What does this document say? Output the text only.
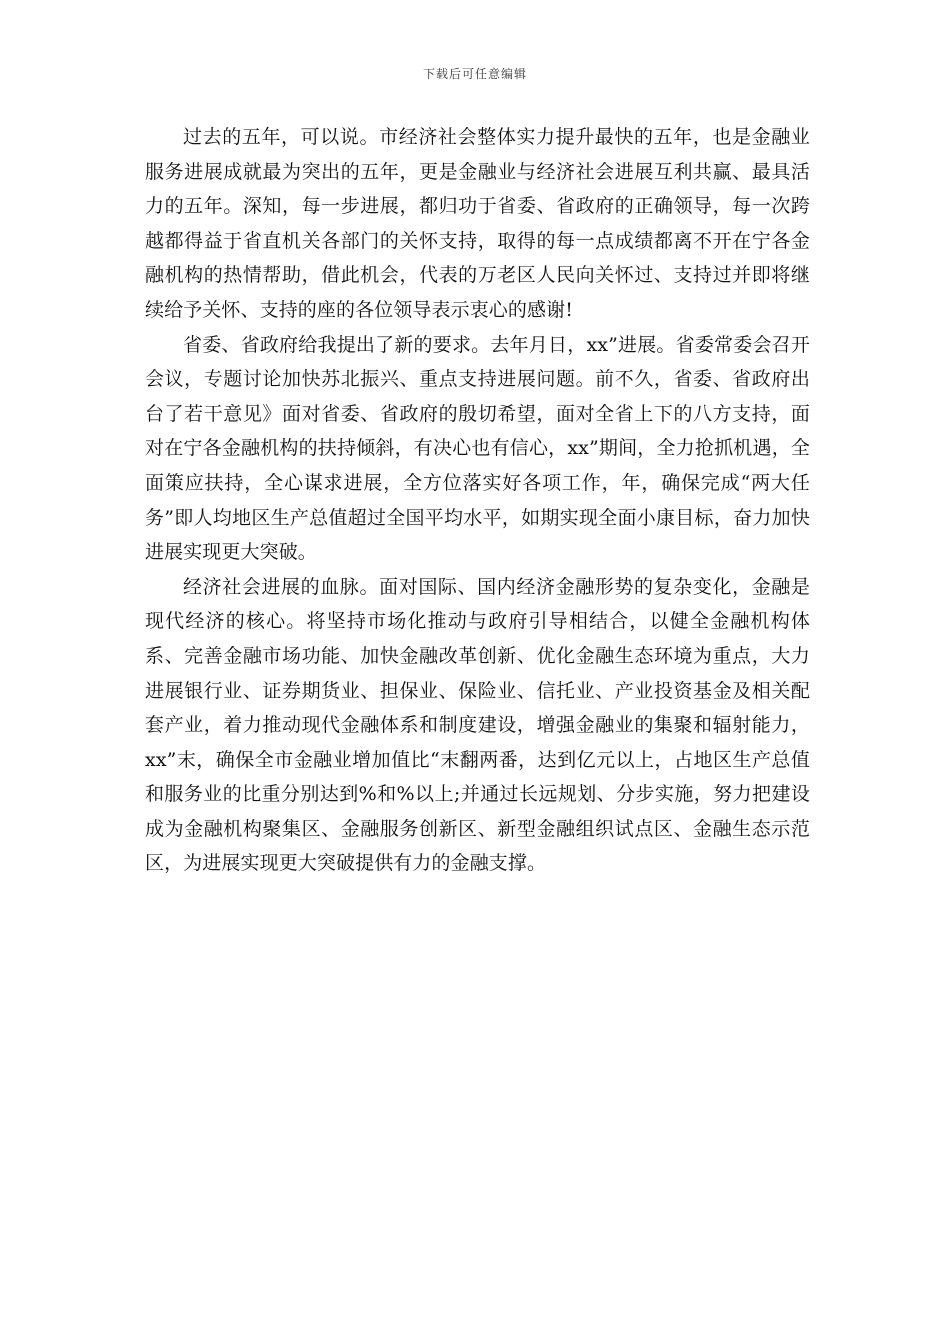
下载后可任意编辑

过去的五年，可以说。市经济社会整体实力提升最快的五年，也是金融业服务进展成就最为突出的五年，更是金融业与经济社会进展互利共赢、最具活力的五年。深知，每一步进展，都归功于省委、省政府的正确领导，每一次跨越都得益于省直机关各部门的关怀支持，取得的每一点成绩都离不开在宁各金融机构的热情帮助，借此机会，代表的万老区人民向关怀过、支持过并即将继续给予关怀、支持的座的各位领导表示衷心的感谢!

省委、省政府给我提出了新的要求。去年月日，xx”进展。省委常委会召开会议，专题讨论加快苏北振兴、重点支持进展问题。前不久，省委、省政府出台了若干意见》面对省委、省政府的殷切希望，面对全省上下的八方支持，面对在宁各金融机构的扶持倾斜，有决心也有信心，xx”期间，全力抢抓机遇，全面策应扶持，全心谋求进展，全方位落实好各项工作，年，确保完成“两大任务”即人均地区生产总值超过全国平均水平，如期实现全面小康目标，奋力加快进展实现更大突破。

经济社会进展的血脉。面对国际、国内经济金融形势的复杂变化，金融是现代经济的核心。将坚持市场化推动与政府引导相结合，以健全金融机构体系、完善金融市场功能、加快金融改革创新、优化金融生态环境为重点，大力进展银行业、证券期货业、担保业、保险业、信托业、产业投资基金及相关配套产业，着力推动现代金融体系和制度建设，增强金融业的集聚和辐射能力，xx”末，确保全市金融业增加值比“末翻两番，达到亿元以上，占地区生产总值和服务业的比重分别达到%和%以上;并通过长远规划、分步实施，努力把建设成为金融机构聚集区、金融服务创新区、新型金融组织试点区、金融生态示范区，为进展实现更大突破提供有力的金融支撑。
